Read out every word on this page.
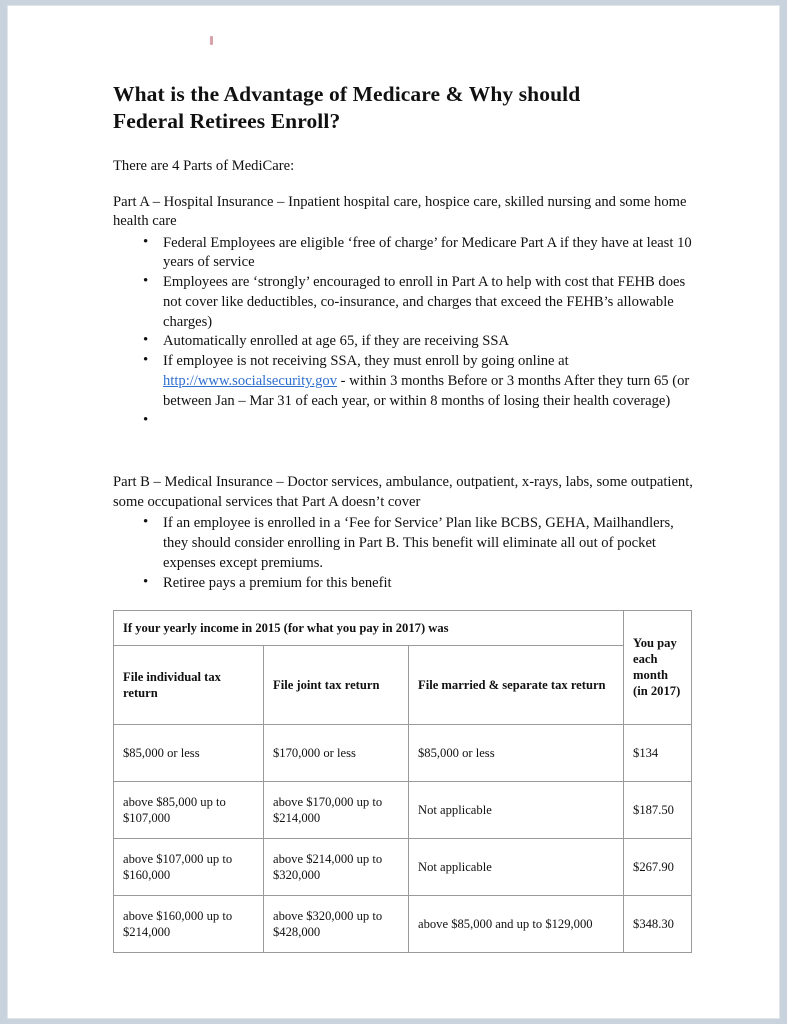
What is the Advantage of Medicare & Why should Federal Retirees Enroll?

There are 4 Parts of MediCare:

Part A – Hospital Insurance – Inpatient hospital care, hospice care, skilled nursing and some home health care

• Federal Employees are eligible ‘free of charge’ for Medicare Part A if they have at least 10 years of service
• Employees are ‘strongly’ encouraged to enroll in Part A to help with cost that FEHB does not cover like deductibles, co-insurance, and charges that exceed the FEHB’s allowable charges)
• Automatically enrolled at age 65, if they are receiving SSA
• If employee is not receiving SSA, they must enroll by going online at http://www.socialsecurity.gov - within 3 months Before or 3 months After they turn 65 (or between Jan – Mar 31 of each year, or within 8 months of losing their health coverage)
•

Part B – Medical Insurance – Doctor services, ambulance, outpatient, x-rays, labs, some outpatient, some occupational services that Part A doesn’t cover

• If an employee is enrolled in a ‘Fee for Service’ Plan like BCBS, GEHA, Mailhandlers, they should consider enrolling in Part B. This benefit will eliminate all out of pocket expenses except premiums.
• Retiree pays a premium for this benefit
If your yearly income in 2015 (for what you pay in 2017) was			You pay each month (in 2017)
File individual tax return	File joint tax return	File married & separate tax return	
$85,000 or less	$170,000 or less	$85,000 or less	$134
above $85,000 up to $107,000	above $170,000 up to $214,000	Not applicable	$187.50
above $107,000 up to $160,000	above $214,000 up to $320,000	Not applicable	$267.90
above $160,000 up to $214,000	above $320,000 up to $428,000	above $85,000 and up to $129,000	$348.30
